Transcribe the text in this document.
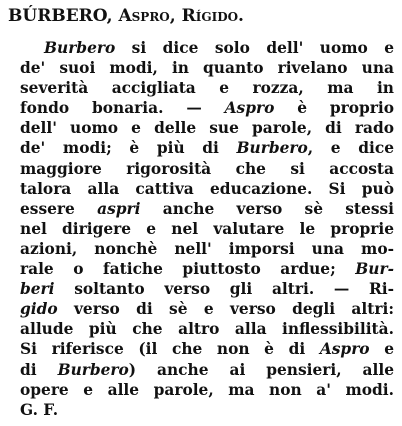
BÚRBERO, Aspro, Rígido.
Burbero si dice solo dell' uomo e
de' suoi modi, in quanto rivelano una
severità accigliata e rozza, ma in
fondo bonaria. — Aspro è proprio
dell' uomo e delle sue parole, di rado
de' modi; è più di Burbero, e dice
maggiore rigorosità che si accosta
talora alla cattiva educazione. Si può
essere aspri anche verso sè stessi
nel dirigere e nel valutare le proprie
azioni, nonchè nell' imporsi una mo-
rale o fatiche piuttosto ardue; Bur-
beri soltanto verso gli altri. — Ri-
gido verso di sè e verso degli altri:
allude più che altro alla inflessibilità.
Si riferisce (il che non è di Aspro e
di Burbero) anche ai pensieri, alle
opere e alle parole, ma non a' modi.
G. F.
